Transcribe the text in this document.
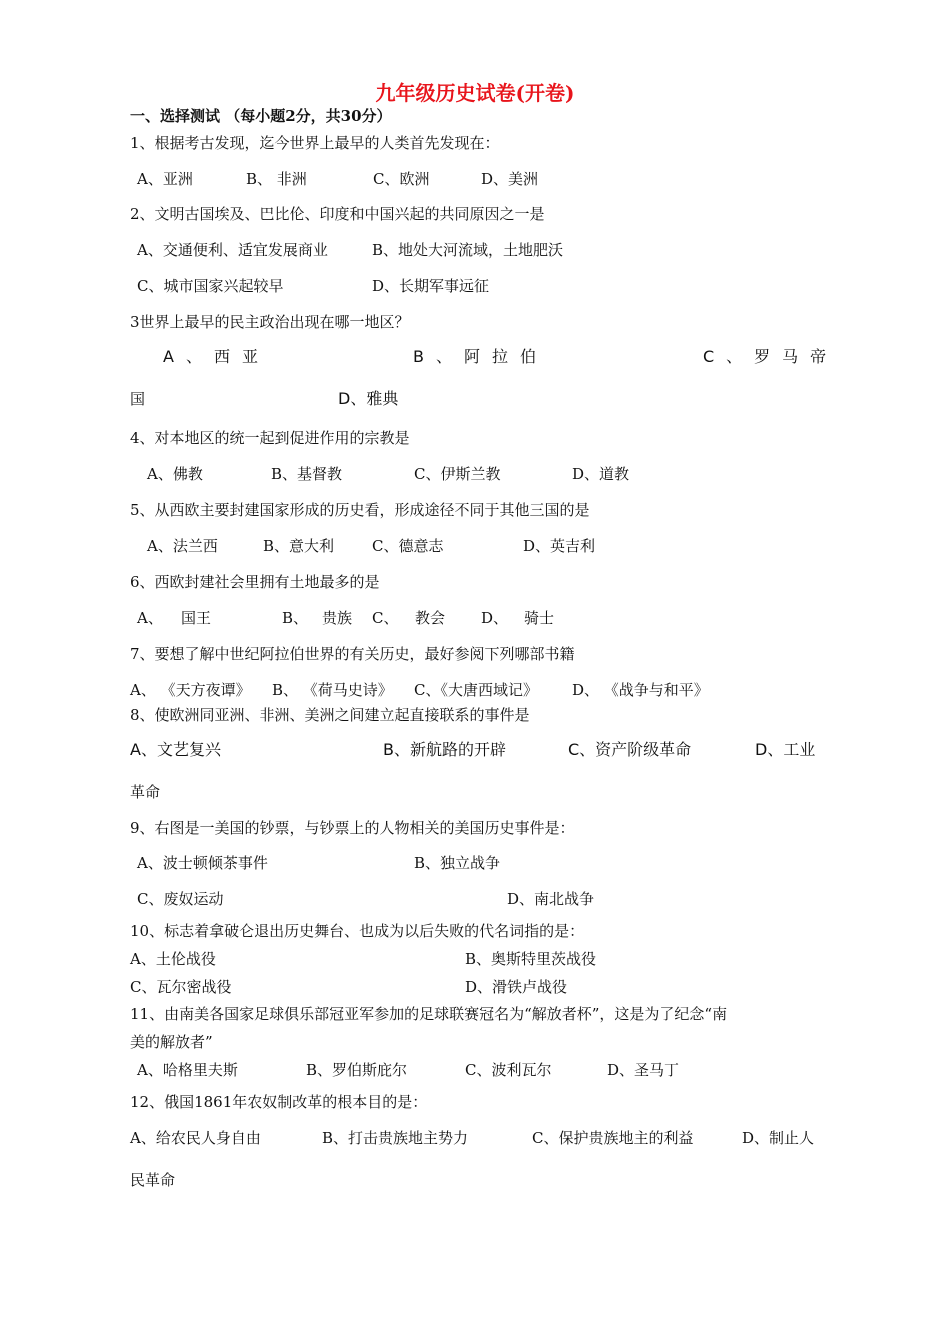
九年级历史试卷(开卷)
一、选择测试 （每小题2分，共30分）
1、根据考古发现，迄今世界上最早的人类首先发现在：
A、亚洲	B、 非洲	C、欧洲	D、美洲
2、文明古国埃及、巴比伦、印度和中国兴起的共同原因之一是
A、交通便利、适宜发展商业	B、地处大河流域，土地肥沃
C、城市国家兴起较早	D、长期军事远征
3世界上最早的民主政治出现在哪一地区？
A、西亚	B、阿拉伯	C、罗马帝
国	D、雅典
4、对本地区的统一起到促进作用的宗教是
A、佛教	B、基督教	C、伊斯兰教	D、道教
5、从西欧主要封建国家形成的历史看，形成途径不同于其他三国的是
A、法兰西	B、意大利	C、德意志	D、英吉利
6、西欧封建社会里拥有土地最多的是
A、 国王	B、 贵族 C、 教会 D、 骑士
7、要想了解中世纪阿拉伯世界的有关历史，最好参阅下列哪部书籍
A、 《天方夜谭》 B、 《荷马史诗》 C、《大唐西域记》 D、 《战争与和平》
8、使欧洲同亚洲、非洲、美洲之间建立起直接联系的事件是
A、文艺复兴	B、新航路的开辟	C、资产阶级革命	D、工业
革命
9、右图是一美国的钞票，与钞票上的人物相关的美国历史事件是：
A、波士顿倾茶事件	B、独立战争
C、废奴运动	D、南北战争
10、标志着拿破仑退出历史舞台、也成为以后失败的代名词指的是：
A、土伦战役	B、奥斯特里茨战役
C、瓦尔密战役	D、滑铁卢战役
11、由南美各国家足球俱乐部冠亚军参加的足球联赛冠名为“解放者杯”，这是为了纪念“南
美的解放者”
A、哈格里夫斯	B、罗伯斯庇尔	C、波利瓦尔	D、圣马丁
12、俄国1861年农奴制改革的根本目的是：
A、给农民人身自由	B、打击贵族地主势力	C、保护贵族地主的利益	D、制止人
民革命
